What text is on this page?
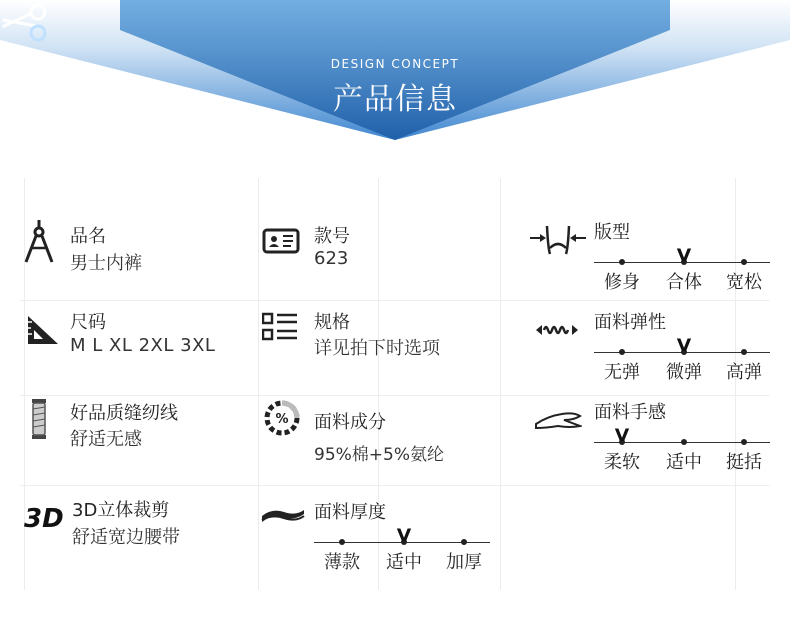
DESIGN CONCEPT
产品信息
品名
男士内裤
尺码
M L XL 2XL 3XL
好品质缝纫线
舒适无感
3D 3D立体裁剪
舒适宽边腰带
款号
623
规格
详见拍下时选项
% 面料成分
95%棉+5%氨纶
面料厚度
薄款	适中
V
加厚
版型
修身	合体
V
宽松
面料弹性
无弹	微弹
V
高弹
面料手感
柔软
V
适中	挺括
